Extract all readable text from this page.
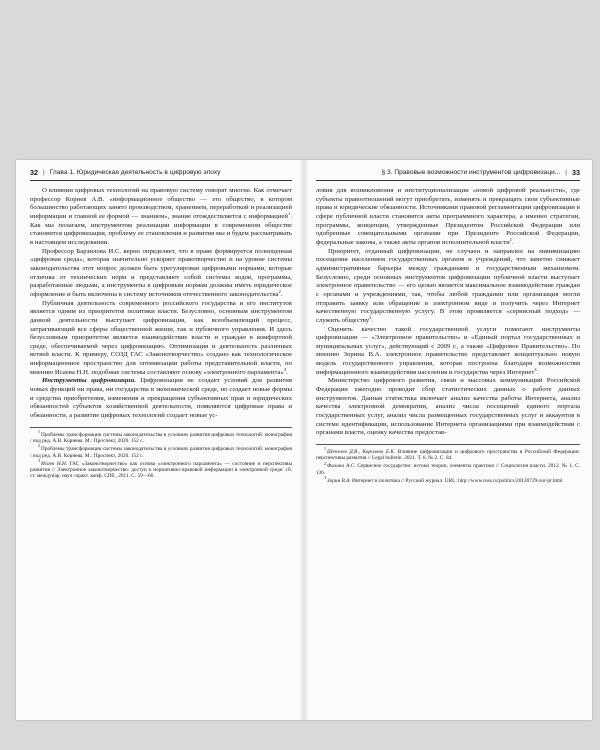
32 | Глава 1. Юридическая деятельность в цифровую эпоху

О влиянии цифровых технологий на правовую систему говорят многие. Как отмечает профессор Корнев А.В. «информационное общество — это общество, в котором большинство работающих занято производством, хранением, переработкой и реализацией информации и главной ее формой — знанием», знание отождествляется с информацией$^1$. Как мы полагаем, инструментом реализации информации в современном обществе становится цифровизация, проблему ее становления и развития мы и будем рассматривать в настоящем исследовании.

Профессор Барзилова И.С. верно определяет, что в праве формируется полноценная «цифровая среда», которая значительно ускоряет правотворчество и на уровне системы законодательства этот вопрос должен быть урегулирован цифровыми нормами, которые отличны от технических норм и представляют собой системы кодов, программы, разработанные людьми, а инструменты к цифровым нормам должны иметь юридическое оформление и быть включены в систему источников отечественного законодательства$^2$.

Публичная деятельность современного российского государства и его институтов является одним из приоритетов политики власти. Безусловно, основным инструментом данной деятельности выступает цифровизация, как всеобъемлющий процесс, затрагивающий все сферы общественной жизни, так и публичного управления. И здесь безусловным приоритетом является взаимодействие власти и граждан в комфортной среде, обеспечиваемой через цифровизацию. Оптимизация и деятельность различных ветвей власти. К примеру, СОЗД ГАС «Законотворчество» создано как технологическое информационное пространство для оптимизации работы представительной власти, по мнению Исаева Н.Н. подобные системы составляют основу «электронного парламента»$^3$.

Инструменты цифровизации. Цифровизация не создает условий для развития новых функций ни права, ни государства в экономической среде, но создает новые формы и средства приобретения, изменения и прекращения субъективных прав и юридических обязанностей субъектов хозяйственной деятельности, появляются цифровые права и обязанности, а развитие цифровых технологий создает новые ус-

$^1$Проблемы трансформации системы законодательства в условиях развития цифровых технологий: монография / под ред. А.В. Корнева. М.: Проспект, 2020. 152 с.

$^2$Проблемы трансформации системы законодательства в условиях развития цифровых технологий: монография / под ред. А.В. Корнева. М.: Проспект, 2020. 152 с.

$^3$Исаев Н.Н. ГАС «Законотворчество» как основа «электронного парламента» — состояние и перспективы развития // Электронное законотворчество: доступ к нормативно-правовой информации в электронной среде: сб. ст. междунар. науч.-практ. конф. СПб., 2011. С. 59—66.

§ 3. Правовые возможности инструментов цифровизаци... | 33

ловия для возникновения и институционализации «новой цифровой реальности», где субъекты правоотношений могут приобретать, изменять и прекращать свои субъективные права и юридические обязанности. Источниками правовой регламентации цифровизации в сфере публичной власти становятся акты программного характера, а именно стратегии, программы, концепции, утвержденные Президентом Российской Федерации или одобренные совещательными органами при Президенте Российской Федерации, федеральные законы, а также акты органов исполнительной власти$^1$.

Приоритет, отданный цифровизации, не случаен и направлен на минимизацию посещения населением государственных органов и учреждений, что заметно снижает административные барьеры между гражданами и государственным механизмом. Безусловно, среди основных инструментов цифровизации публичной власти выступает электронное правительство — его целью является максимальное взаимодействие граждан с органами и учреждениями, так, чтобы любой гражданин или организация могли отправить заявку или обращение в электронном виде и получить через Интернет качественную государственную услугу. В этом проявляется «сервисный подход» — служить обществу$^2$.

Оценить качество такой государственной услуги помогают инструменты цифровизации — «Электронное правительство» и «Единый портал государственных и муниципальных услуг», действующий с 2009 г., а также «Цифровое Правительство». По мнению Зорина В.А. электронное правительство представляет концептуально новую модель государственного управления, которая построена благодаря возможностям информационного взаимодействия населения и государства через Интернет$^3$.

Министерство цифрового развития, связи и массовых коммуникаций Российской Федерации ежегодно проводит сбор статистических данных о работе данных инструментов. Данная статистика включает анализ качества работы Интернета, анализ качества электронной демократии, анализ числа посещений единого портала государственных услуг, анализ числа размещенных государственных услуг и аккаунтов в системе идентификации, использование Интернета организациями при взаимодействии с органами власти, оценку качества предостав-

$^1$Шепелев Д.В., Королева Е.К. Влияние цифровизации и цифрового пространства в Российской Федерации: перспективы развития // Legal bulletin. 2021. Т. 6. № 2. С. 84.

$^2$Фалина А.С. Сервисное государство: истоки теории, элементы практики // Социология власти. 2012. № 1. С. 136.

$^3$Зорин В.А. Интернет и политика // Русский журнал. URL: http://www.russ.ru/politics/20120729-zor-pr.html
